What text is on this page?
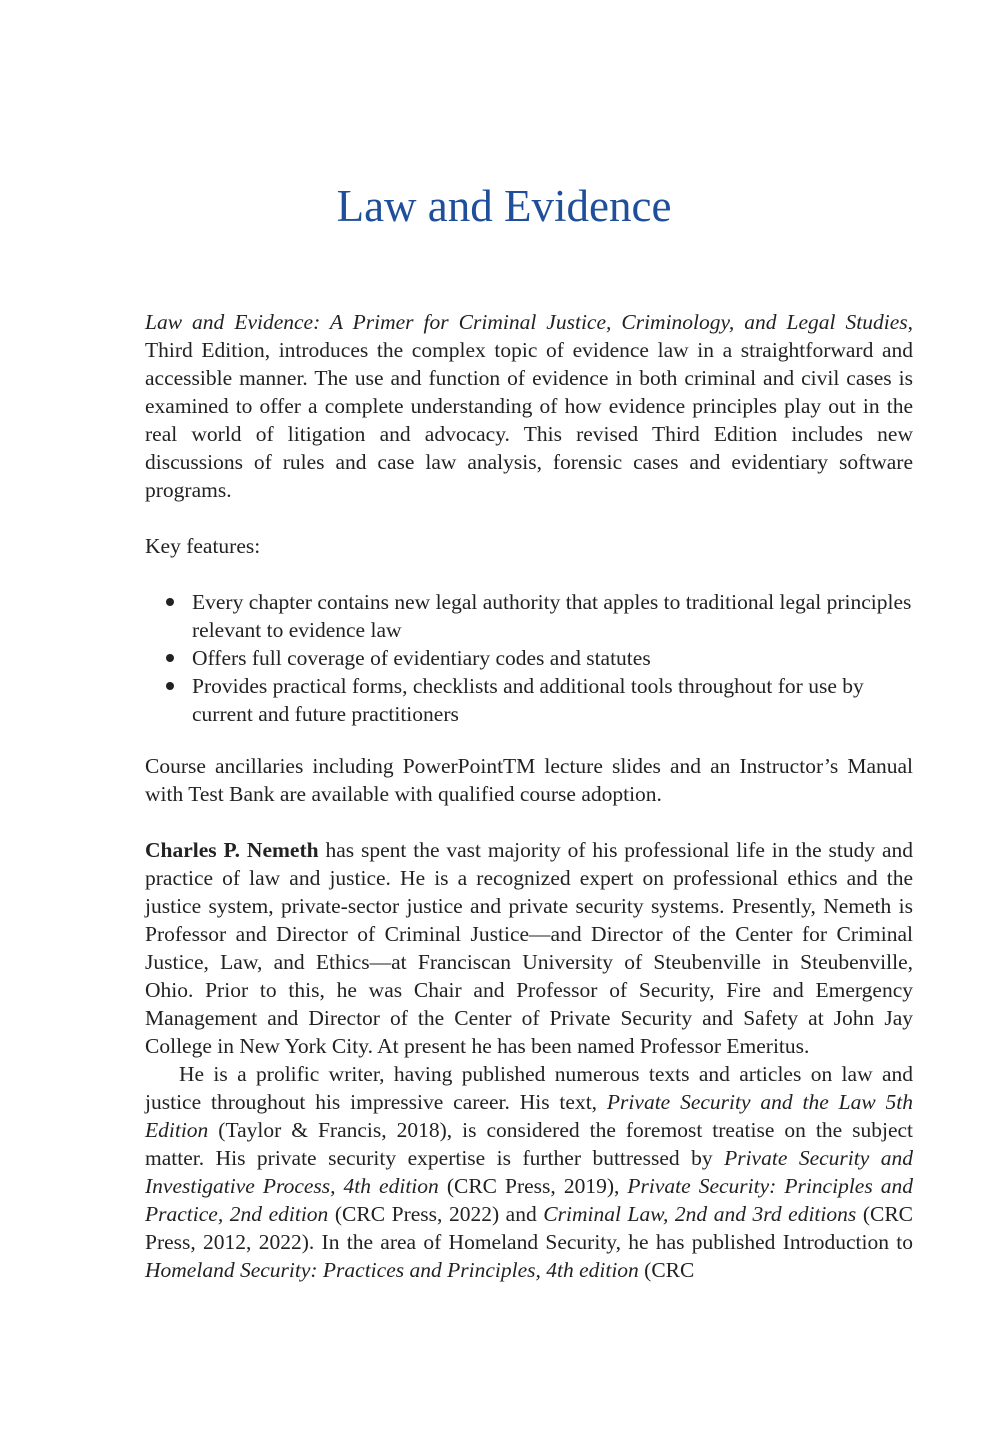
Law and Evidence

Law and Evidence: A Primer for Criminal Justice, Criminology, and Legal Studies, Third Edition, introduces the complex topic of evidence law in a straightforward and accessible manner. The use and function of evidence in both criminal and civil cases is examined to offer a complete understanding of how evidence principles play out in the real world of litigation and advocacy. This revised Third Edition includes new discussions of rules and case law analysis, forensic cases and evidentiary software programs.

Key features:

Every chapter contains new legal authority that apples to traditional legal principles relevant to evidence law
Offers full coverage of evidentiary codes and statutes
Provides practical forms, checklists and additional tools throughout for use by current and future practitioners

Course ancillaries including PowerPointTM lecture slides and an Instructor’s Manual with Test Bank are available with qualified course adoption.

Charles P. Nemeth has spent the vast majority of his professional life in the study and practice of law and justice. He is a recognized expert on professional ethics and the justice system, private-sector justice and private security systems. Presently, Nemeth is Professor and Director of Criminal Justice—and Director of the Center for Criminal Justice, Law, and Ethics—at Franciscan University of Steubenville in Steubenville, Ohio. Prior to this, he was Chair and Professor of Security, Fire and Emergency Management and Director of the Center of Private Security and Safety at John Jay College in New York City. At present he has been named Professor Emeritus.

He is a prolific writer, having published numerous texts and articles on law and justice throughout his impressive career. His text, Private Security and the Law 5th Edition (Taylor & Francis, 2018), is considered the foremost treatise on the subject matter. His private security expertise is further buttressed by Private Security and Investigative Process, 4th edition (CRC Press, 2019), Private Security: Principles and Practice, 2nd edition (CRC Press, 2022) and Criminal Law, 2nd and 3rd editions (CRC Press, 2012, 2022). In the area of Homeland Security, he has published Introduction to Homeland Security: Practices and Principles, 4th edition (CRC
